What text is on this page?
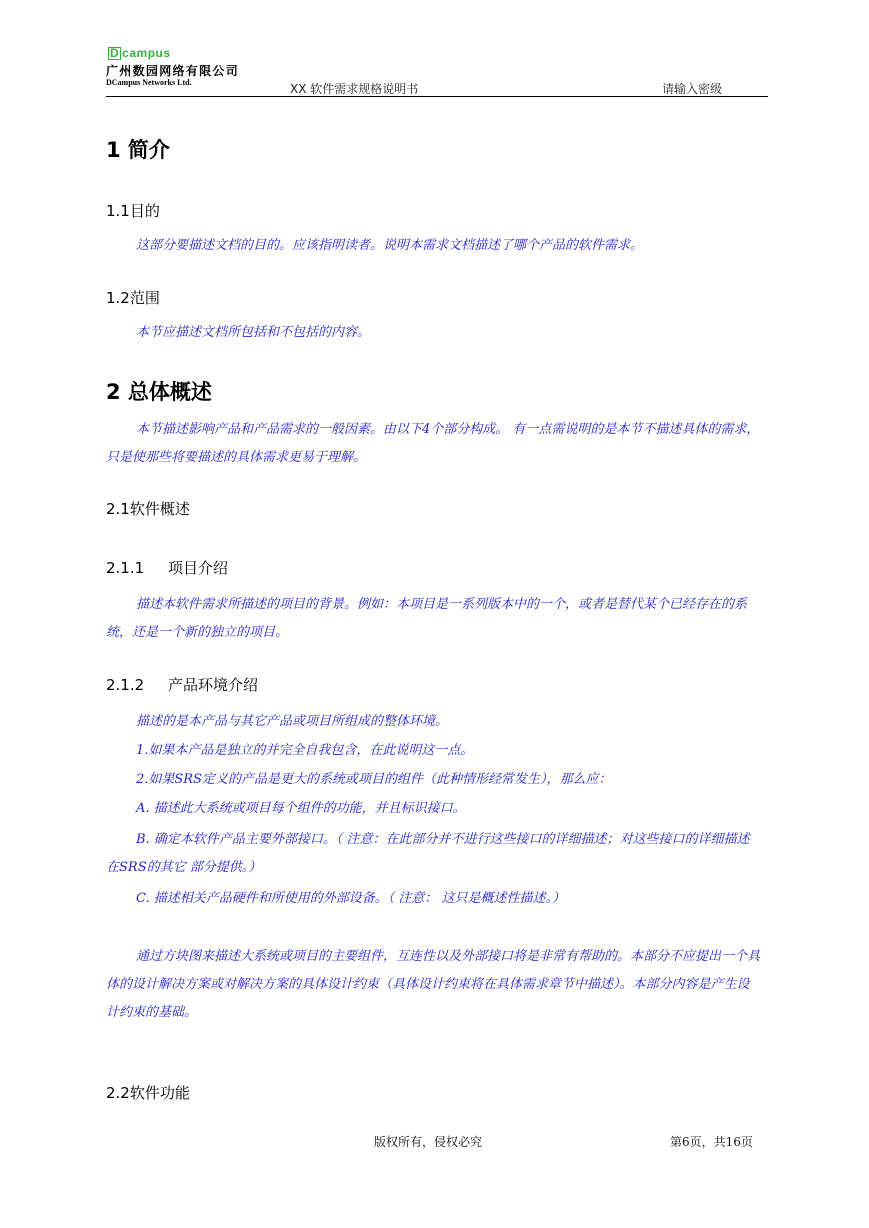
D campus
广州数园网络有限公司
DCampus Networks Ltd.	XX 软件需求规格说明书	请输入密级
1 简介
1.1目的
这部分要描述文档的目的。应该指明读者。说明本需求文档描述了哪个产品的软件需求。
1.2范围
本节应描述文档所包括和不包括的内容。
2 总体概述
本节描述影响产品和产品需求的一般因素。由以下4个部分构成。 有一点需说明的是本节不描述具体的需求，只是使那些将要描述的具体需求更易于理解。
2.1软件概述
2.1.1 项目介绍
描述本软件需求所描述的项目的背景。例如：本项目是一系列版本中的一个，或者是替代某个已经存在的系统，还是一个新的独立的项目。
2.1.2 产品环境介绍
描述的是本产品与其它产品或项目所组成的整体环境。
1.如果本产品是独立的并完全自我包含，在此说明这一点。
2.如果SRS定义的产品是更大的系统或项目的组件（此种情形经常发生），那么应：
A. 描述此大系统或项目每个组件的功能，并且标识接口。
B. 确定本软件产品主要外部接口。（ 注意：在此部分并不进行这些接口的详细描述；对这些接口的详细描述在SRS的其它 部分提供。）
C. 描述相关产品硬件和所使用的外部设备。（ 注意： 这只是概述性描述。）
通过方块图来描述大系统或项目的主要组件，互连性以及外部接口将是非常有帮助的。本部分不应提出一个具体的设计解决方案或对解决方案的具体设计约束（具体设计约束将在具体需求章节中描述）。本部分内容是产生设计约束的基础。
2.2软件功能
版权所有，侵权必究	第6页，共16页
